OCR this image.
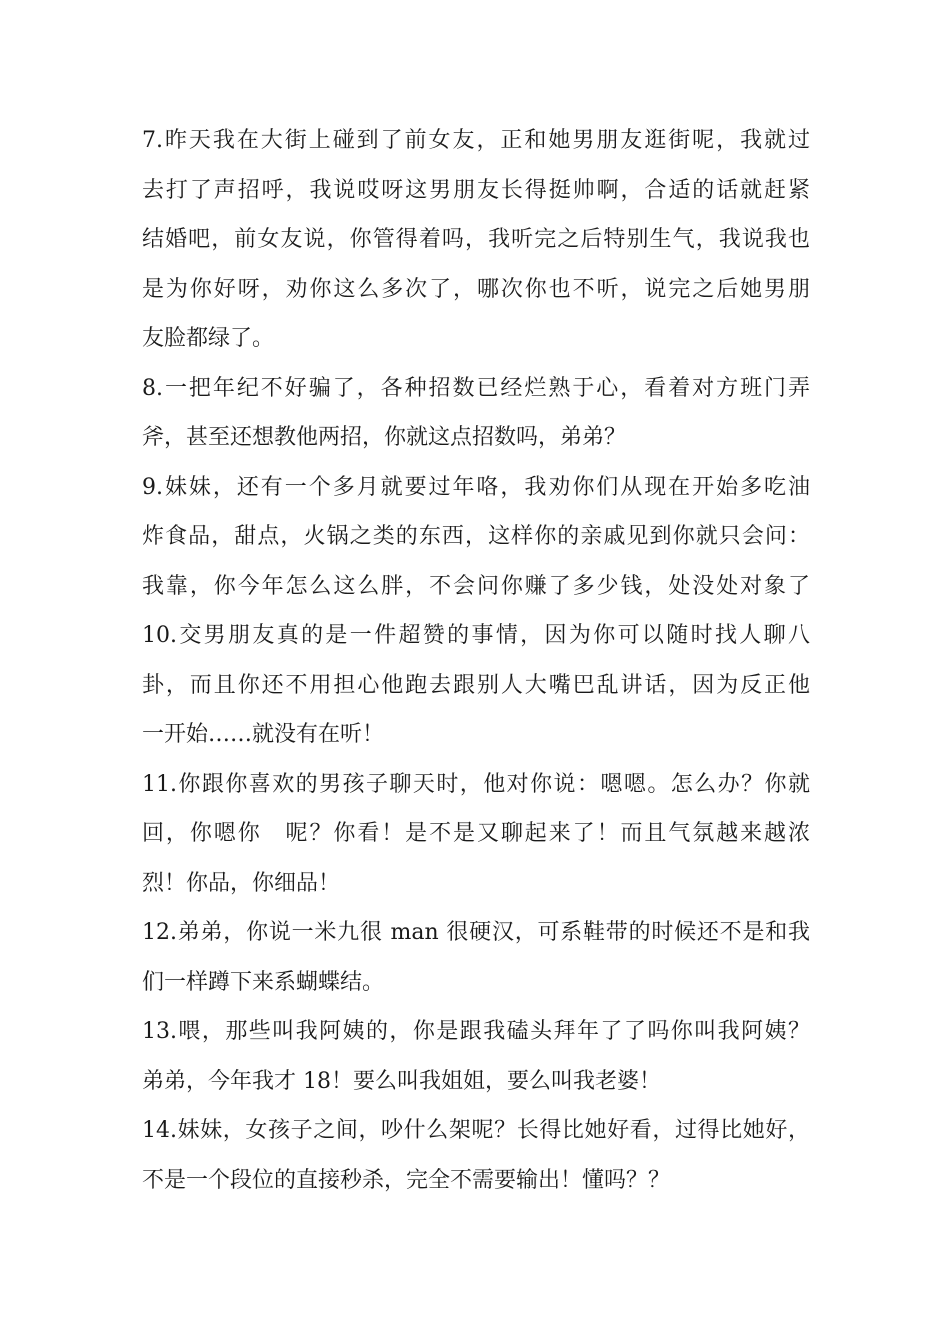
7.昨天我在大街上碰到了前女友，正和她男朋友逛街呢，我就过
去打了声招呼，我说哎呀这男朋友长得挺帅啊，合适的话就赶紧
结婚吧，前女友说，你管得着吗，我听完之后特别生气，我说我也
是为你好呀，劝你这么多次了，哪次你也不听，说完之后她男朋
友脸都绿了。
8.一把年纪不好骗了，各种招数已经烂熟于心，看着对方班门弄
斧，甚至还想教他两招，你就这点招数吗，弟弟？
9.妹妹，还有一个多月就要过年咯，我劝你们从现在开始多吃油
炸食品，甜点，火锅之类的东西，这样你的亲戚见到你就只会问：
我靠，你今年怎么这么胖，不会问你赚了多少钱，处没处对象了
10.交男朋友真的是一件超赞的事情，因为你可以随时找人聊八
卦，而且你还不用担心他跑去跟别人大嘴巴乱讲话，因为反正他
一开始……就没有在听！
11.你跟你喜欢的男孩子聊天时，他对你说：嗯嗯。怎么办？你就
回，你嗯你　呢？你看！是不是又聊起来了！而且气氛越来越浓
烈！你品，你细品！
12.弟弟，你说一米九很 man 很硬汉，可系鞋带的时候还不是和我
们一样蹲下来系蝴蝶结。
13.喂，那些叫我阿姨的，你是跟我磕头拜年了了吗你叫我阿姨？
弟弟，今年我才 18！要么叫我姐姐，要么叫我老婆！
14.妹妹，女孩子之间，吵什么架呢？长得比她好看，过得比她好，
不是一个段位的直接秒杀，完全不需要输出！懂吗？？
